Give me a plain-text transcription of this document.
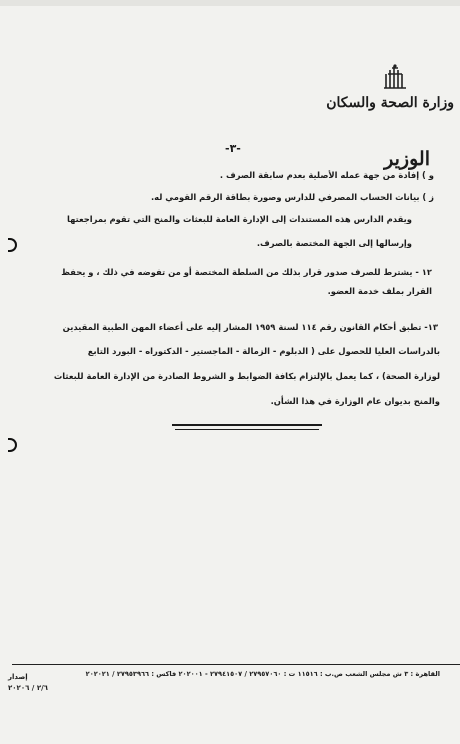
وزارة الصحة والسكان
الوزير
-٣-
و ) إفادة من جهة عمله الأصلية بعدم سابقة الصرف .
ز ) بيانات الحساب المصرفي للدارس وصورة بطاقة الرقم القومي له.
ويقدم الدارس هذه المستندات إلى الإدارة العامة للبعثات والمنح التي تقوم بمراجعتها
وإرسالها إلى الجهة المختصة بالصرف.
١٢ - يشترط للصرف صدور قرار بذلك من السلطة المختصة أو من تفوضه في ذلك ، و يحفظ
القرار بملف خدمة العضو.
١٣- تطبق أحكام القانون رقم ١١٤ لسنة ١٩٥٩ المشار إليه على أعضاء المهن الطبية المقيدين
بالدراسات العليا للحصول على ( الدبلوم - الزمالة - الماجستير - الدكتوراه - البورد التابع
لوزارة الصحة) ، كما يعمل بالإلتزام بكافة الضوابط و الشروط الصادرة من الإدارة العامة للبعثات
والمنح بديوان عام الوزارة في هذا الشأن.
القاهرة : ٣ ش مجلس الشعب ص.ب : ١١٥١٦ ت : ٢٧٩٥٧٠٦٠ / ٢٧٩٤١٥٠٧ - ٢٠٢٠٠١ فاكس : ٢٧٩٥٣٩٦٦ / ٢٠٢٠٢١
إصدار
٢/٦ / ٢٠٢٠٦
